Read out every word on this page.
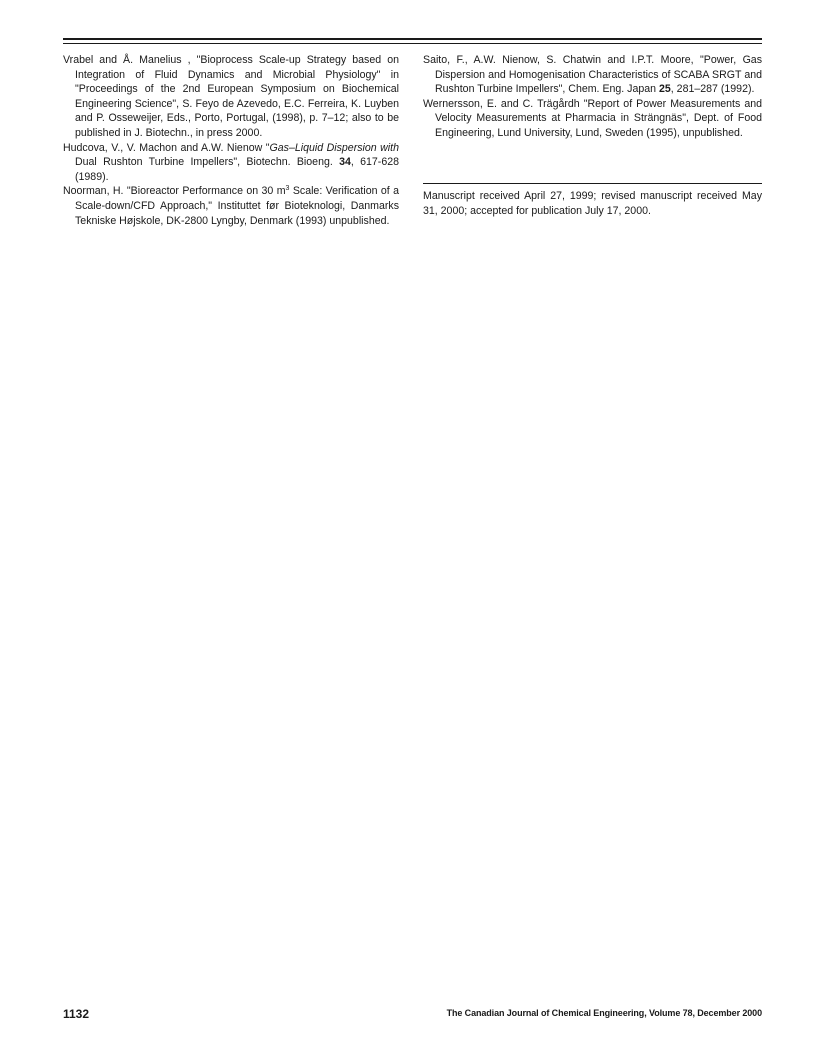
Vrabel and Å. Manelius , "Bioprocess Scale-up Strategy based on Integration of Fluid Dynamics and Microbial Physiology" in "Proceedings of the 2nd European Symposium on Biochemical Engineering Science", S. Feyo de Azevedo, E.C. Ferreira, K. Luyben and P. Osseweijer, Eds., Porto, Portugal, (1998), p. 7–12; also to be published in J. Biotechn., in press 2000.

Hudcova, V., V. Machon and A.W. Nienow "Gas–Liquid Dispersion with Dual Rushton Turbine Impellers", Biotechn. Bioeng. 34, 617-628 (1989).

Noorman, H. "Bioreactor Performance on 30 $m^3$ Scale: Verification of a Scale-down/CFD Approach," Instituttet før Bioteknologi, Danmarks Tekniske Højskole, DK-2800 Lyngby, Denmark (1993) unpublished.

Saito, F., A.W. Nienow, S. Chatwin and I.P.T. Moore, "Power, Gas Dispersion and Homogenisation Characteristics of SCABA SRGT and Rushton Turbine Impellers", Chem. Eng. Japan 25, 281–287 (1992).

Wernersson, E. and C. Trägårdh "Report of Power Measurements and Velocity Measurements at Pharmacia in Strängnäs", Dept. of Food Engineering, Lund University, Lund, Sweden (1995), unpublished.

Manuscript received April 27, 1999; revised manuscript received May 31, 2000; accepted for publication July 17, 2000.

1132	The Canadian Journal of Chemical Engineering, Volume 78, December 2000
